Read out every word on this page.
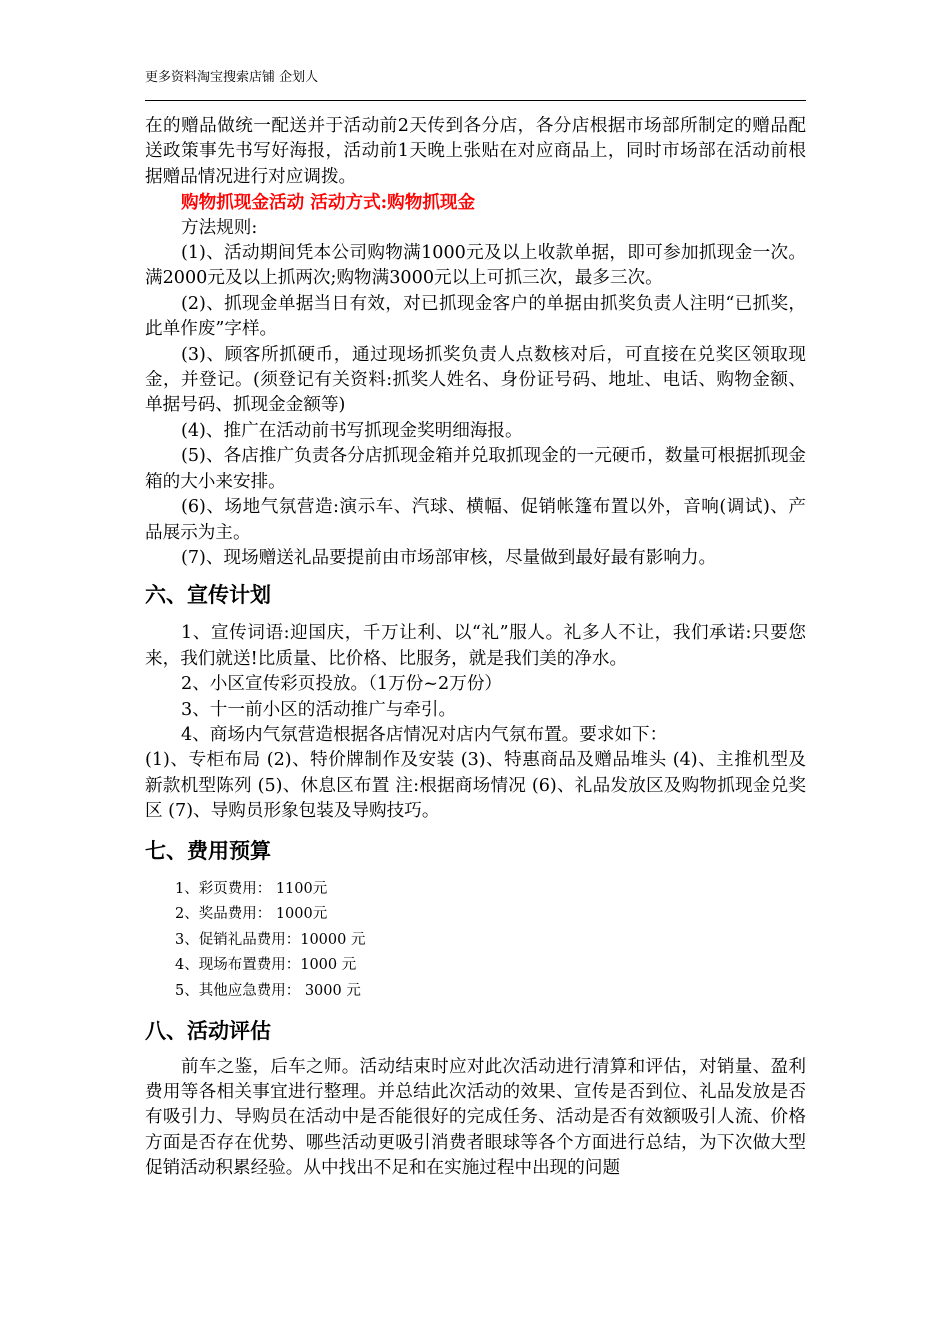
更多资料淘宝搜索店铺 企划人

在的赠品做统一配送并于活动前2天传到各分店，各分店根据市场部所制定的赠品配送政策事先书写好海报，活动前1天晚上张贴在对应商品上，同时市场部在活动前根据赠品情况进行对应调拨。

购物抓现金活动 活动方式:购物抓现金

方法规则:

(1)、活动期间凭本公司购物满1000元及以上收款单据，即可参加抓现金一次。满2000元及以上抓两次;购物满3000元以上可抓三次，最多三次。

(2)、抓现金单据当日有效，对已抓现金客户的单据由抓奖负责人注明“已抓奖，此单作废”字样。

(3)、顾客所抓硬币，通过现场抓奖负责人点数核对后，可直接在兑奖区领取现金，并登记。(须登记有关资料:抓奖人姓名、身份证号码、地址、电话、购物金额、单据号码、抓现金金额等)

(4)、推广在活动前书写抓现金奖明细海报。

(5)、各店推广负责各分店抓现金箱并兑取抓现金的一元硬币，数量可根据抓现金箱的大小来安排。

(6)、场地气氛营造:演示车、汽球、横幅、促销帐篷布置以外，音响(调试)、产品展示为主。

(7)、现场赠送礼品要提前由市场部审核，尽量做到最好最有影响力。

六、宣传计划

1、宣传词语:迎国庆，千万让利、以“礼”服人。礼多人不让，我们承诺:只要您来，我们就送!比质量、比价格、比服务，就是我们美的净水。

2、小区宣传彩页投放。（1万份~2万份）

3、十一前小区的活动推广与牵引。

4、商场内气氛营造根据各店情况对店内气氛布置。要求如下：

(1)、专柜布局 (2)、特价牌制作及安装 (3)、特惠商品及赠品堆头 (4)、主推机型及新款机型陈列 (5)、休息区布置 注:根据商场情况 (6)、礼品发放区及购物抓现金兑奖区 (7)、导购员形象包装及导购技巧。

七、费用预算

1、彩页费用： 1100元

2、奖品费用： 1000元

3、促销礼品费用：10000 元

4、现场布置费用：1000 元

5、其他应急费用： 3000 元

八、活动评估

前车之鉴，后车之师。活动结束时应对此次活动进行清算和评估，对销量、盈利费用等各相关事宜进行整理。并总结此次活动的效果、宣传是否到位、礼品发放是否有吸引力、导购员在活动中是否能很好的完成任务、活动是否有效额吸引人流、价格方面是否存在优势、哪些活动更吸引消费者眼球等各个方面进行总结，为下次做大型促销活动积累经验。从中找出不足和在实施过程中出现的问题
